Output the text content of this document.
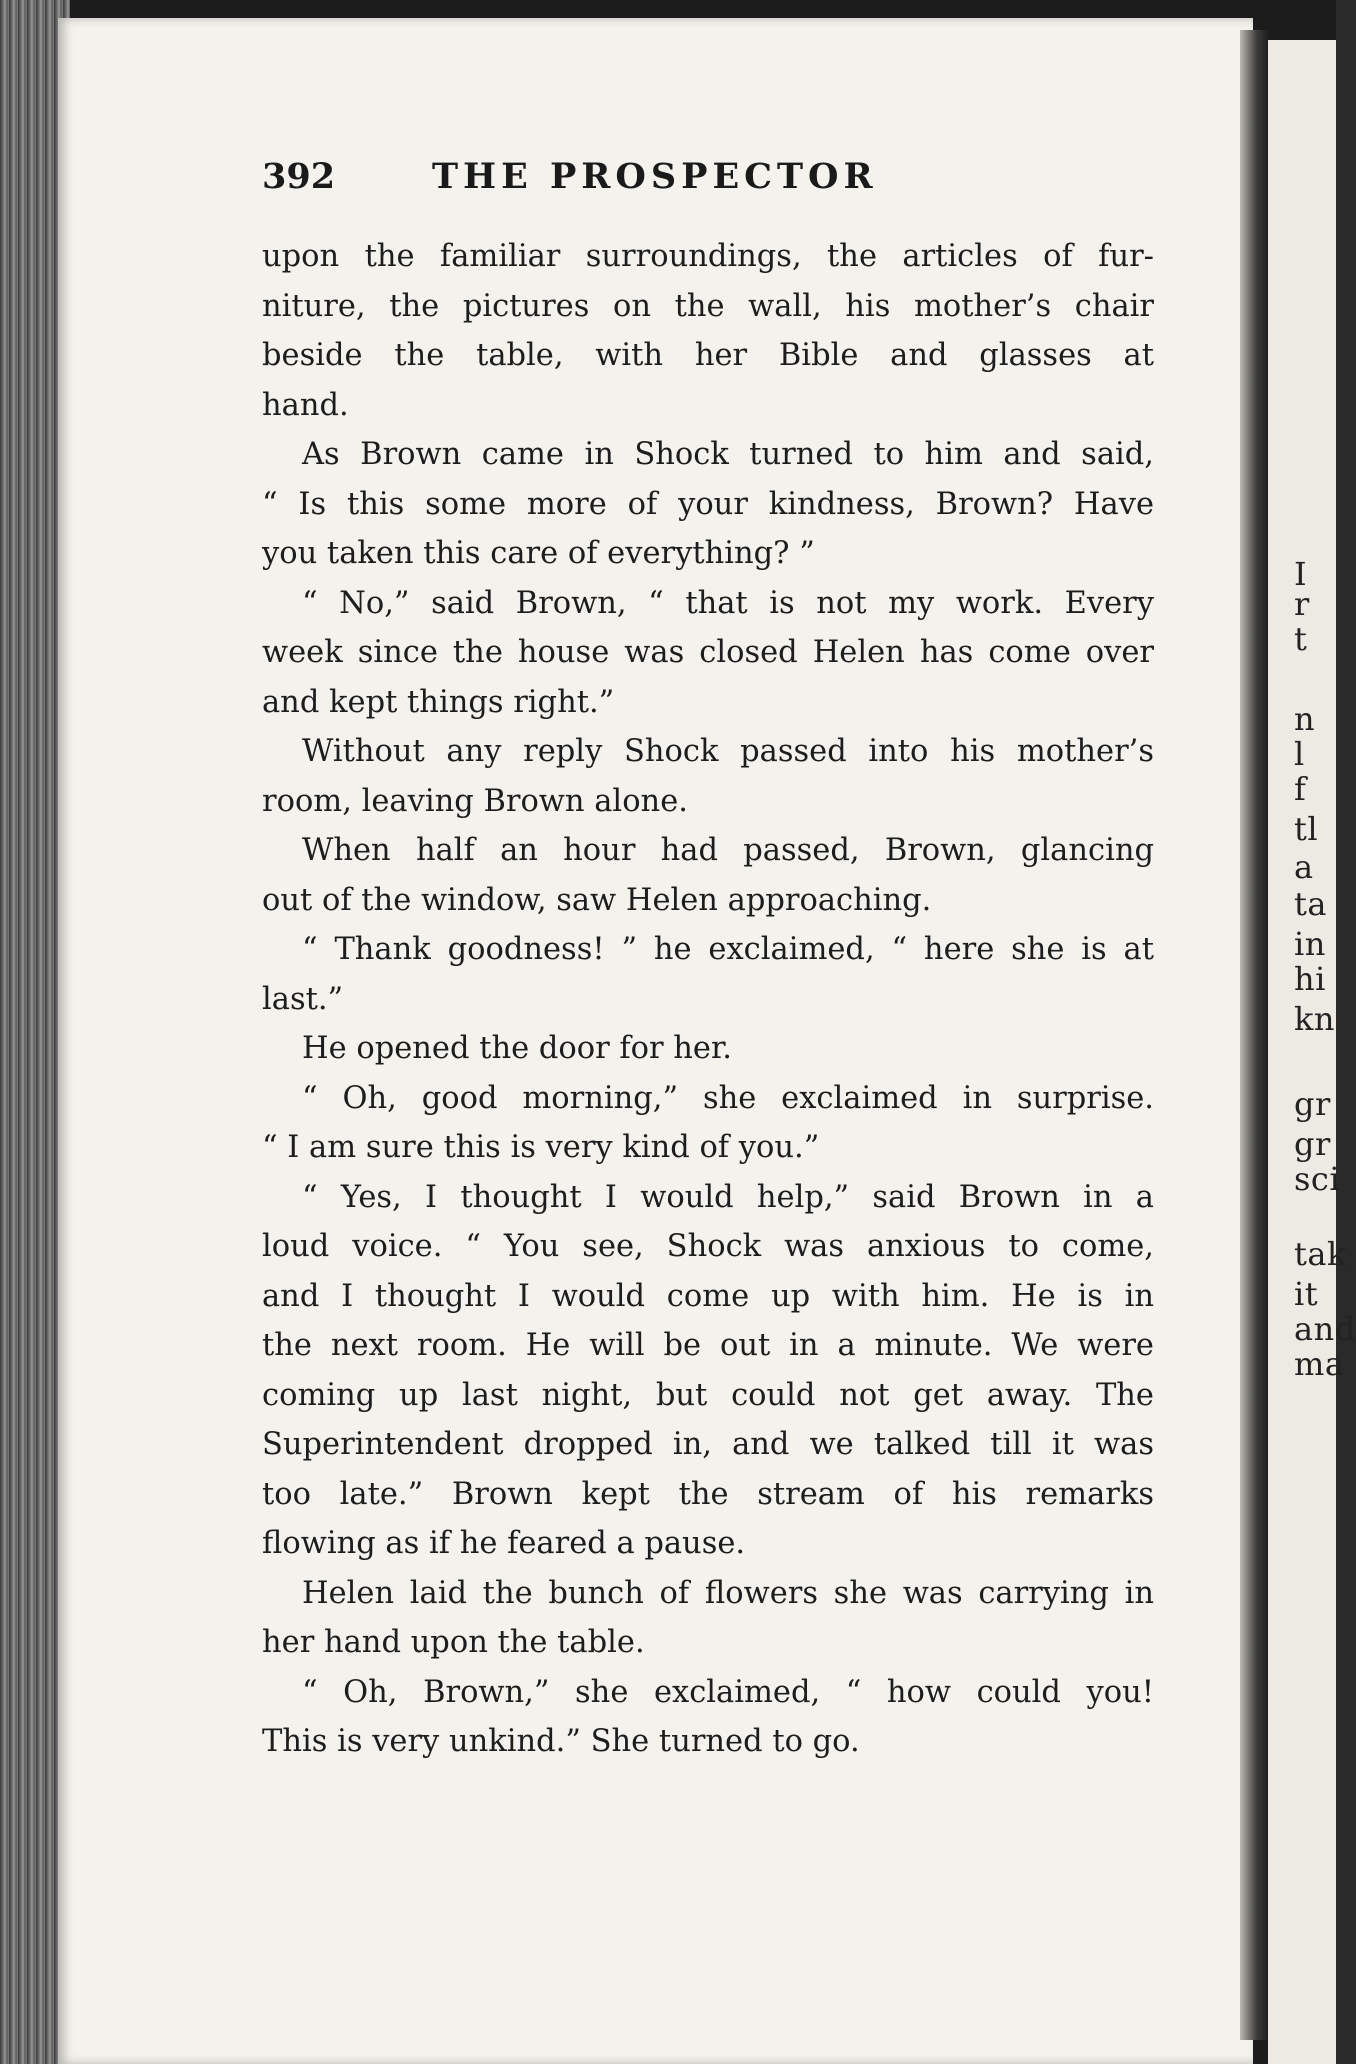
392	THE PROSPECTOR
upon the familiar surroundings, the articles of fur-
niture, the pictures on the wall, his mother’s chair
beside the table, with her Bible and glasses at
hand.
As Brown came in Shock turned to him and said,
“ Is this some more of your kindness, Brown? Have
you taken this care of everything? ”
“ No,” said Brown, “ that is not my work. Every
week since the house was closed Helen has come over
and kept things right.”
Without any reply Shock passed into his mother’s
room, leaving Brown alone.
When half an hour had passed, Brown, glancing
out of the window, saw Helen approaching.
“ Thank goodness! ” he exclaimed, “ here she is at
last.”
He opened the door for her.
“ Oh, good morning,” she exclaimed in surprise.
“ I am sure this is very kind of you.”
“ Yes, I thought I would help,” said Brown in a
loud voice. “ You see, Shock was anxious to come,
and I thought I would come up with him. He is in
the next room. He will be out in a minute. We were
coming up last night, but could not get away. The
Superintendent dropped in, and we talked till it was
too late.” Brown kept the stream of his remarks
flowing as if he feared a pause.
Helen laid the bunch of flowers she was carrying in
her hand upon the table.
“ Oh, Brown,” she exclaimed, “ how could you!
This is very unkind.” She turned to go.
I
r
t
n
l
f
tl
a
ta
in
hi
kn
gr
gr
sci
tak
it
and
ma
